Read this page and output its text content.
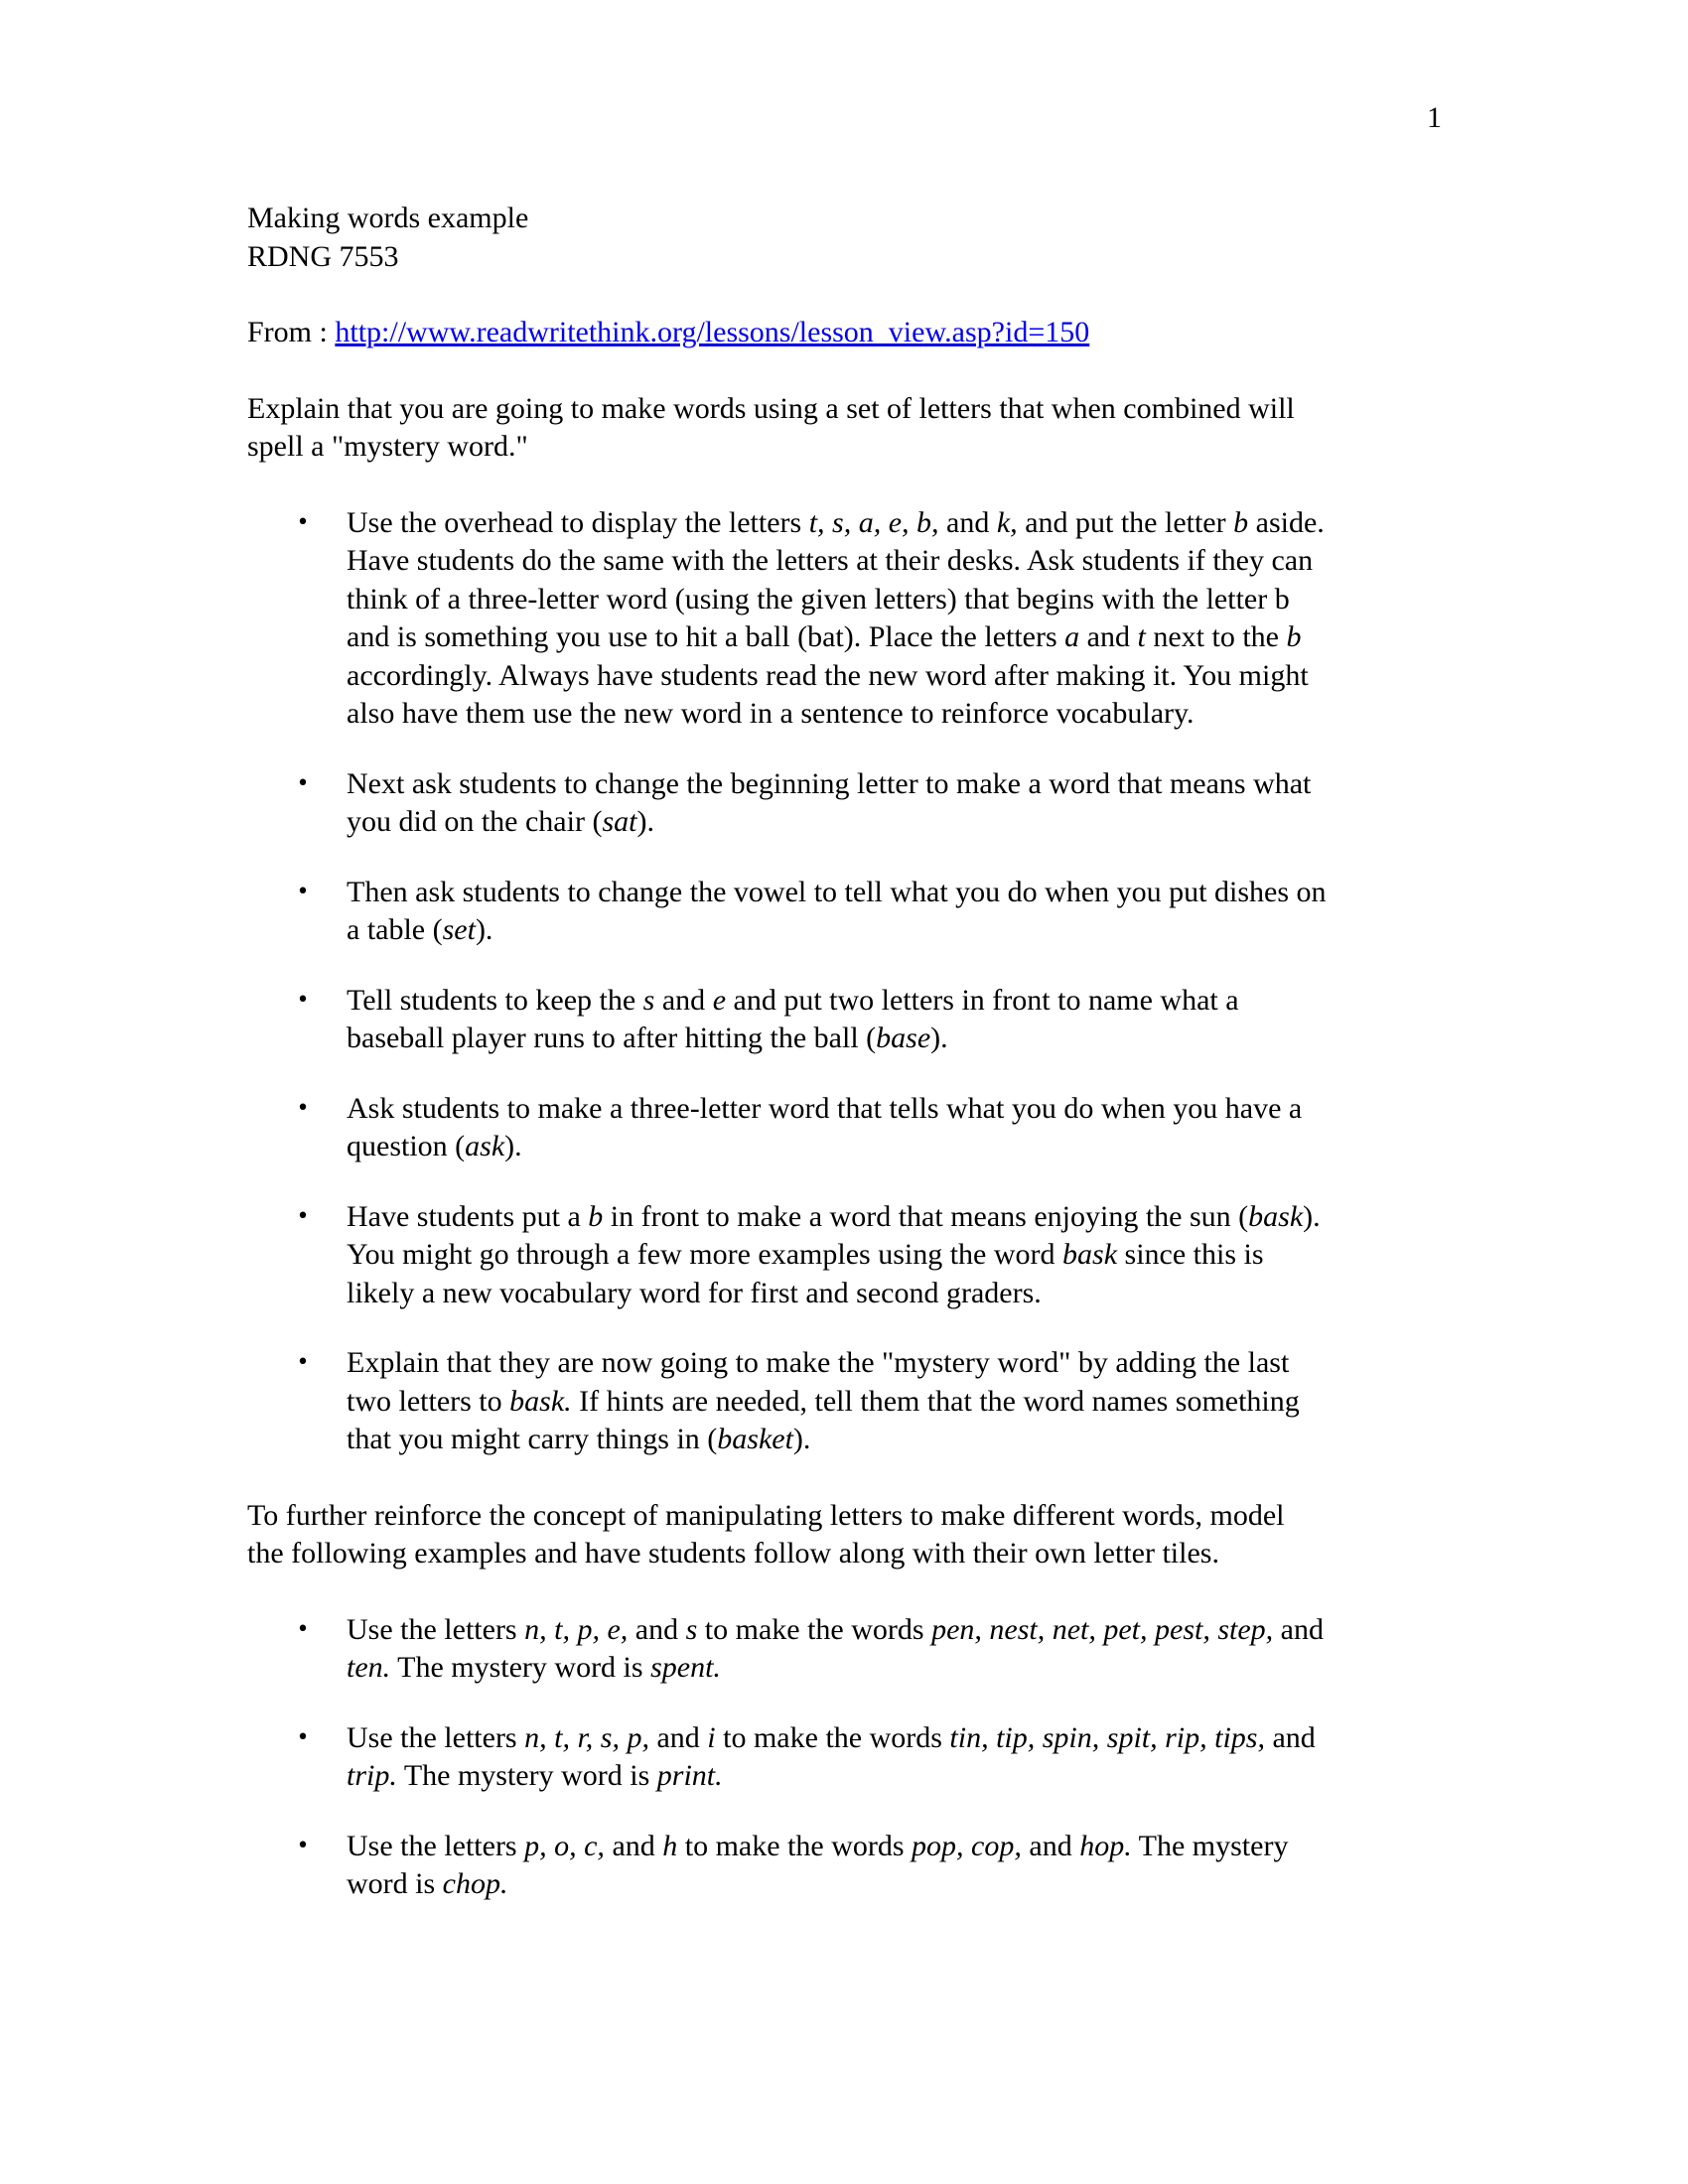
1
Making words example
RDNG 7553
From : http://www.readwritethink.org/lessons/lesson_view.asp?id=150
Explain that you are going to make words using a set of letters that when combined will
spell a "mystery word."
• Use the overhead to display the letters t, s, a, e, b, and k, and put the letter b aside.
Have students do the same with the letters at their desks. Ask students if they can
think of a three-letter word (using the given letters) that begins with the letter b
and is something you use to hit a ball (bat). Place the letters a and t next to the b
accordingly. Always have students read the new word after making it. You might
also have them use the new word in a sentence to reinforce vocabulary.
• Next ask students to change the beginning letter to make a word that means what
you did on the chair (sat).
• Then ask students to change the vowel to tell what you do when you put dishes on
a table (set).
• Tell students to keep the s and e and put two letters in front to name what a
baseball player runs to after hitting the ball (base).
• Ask students to make a three-letter word that tells what you do when you have a
question (ask).
• Have students put a b in front to make a word that means enjoying the sun (bask).
You might go through a few more examples using the word bask since this is
likely a new vocabulary word for first and second graders.
• Explain that they are now going to make the "mystery word" by adding the last
two letters to bask. If hints are needed, tell them that the word names something
that you might carry things in (basket).
To further reinforce the concept of manipulating letters to make different words, model
the following examples and have students follow along with their own letter tiles.
• Use the letters n, t, p, e, and s to make the words pen, nest, net, pet, pest, step, and
ten. The mystery word is spent.
• Use the letters n, t, r, s, p, and i to make the words tin, tip, spin, spit, rip, tips, and
trip. The mystery word is print.
• Use the letters p, o, c, and h to make the words pop, cop, and hop. The mystery
word is chop.
